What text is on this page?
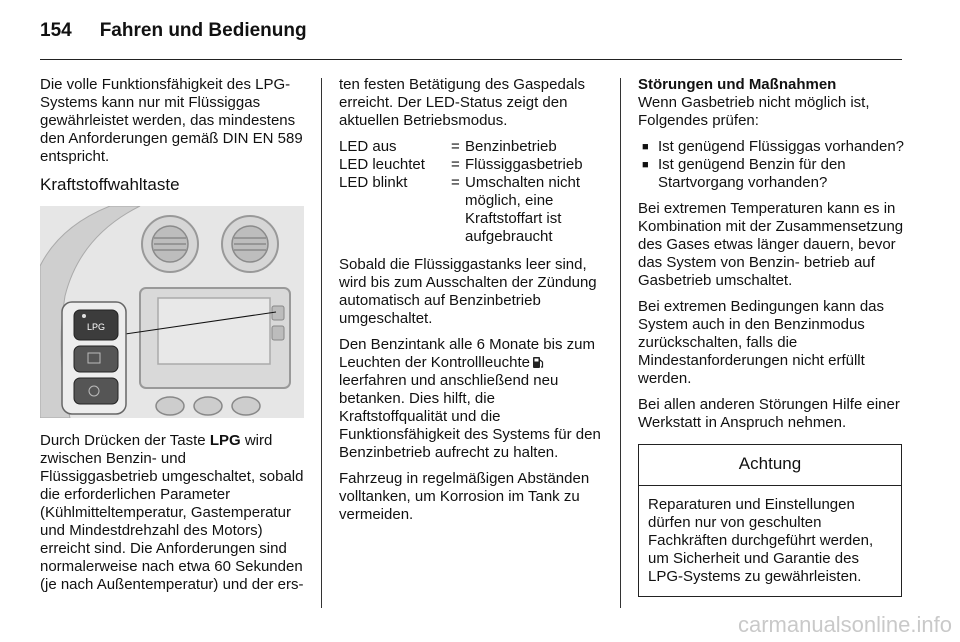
154 Fahren und Bedienung

Die volle Funktionsfähigkeit des LPG-Systems kann nur mit Flüssiggas gewährleistet werden, das mindestens den Anforderungen gemäß DIN EN 589 entspricht.

Kraftstoffwahltaste
LPG

Durch Drücken der Taste LPG wird zwischen Benzin- und Flüssiggasbetrieb umgeschaltet, sobald die erforderlichen Parameter (Kühlmitteltemperatur, Gastemperatur und Mindestdrehzahl des Motors) erreicht sind. Die Anforderungen sind normalerweise nach etwa 60 Sekunden (je nach Außentemperatur) und der ers-

ten festen Betätigung des Gaspedals erreicht. Der LED-Status zeigt den aktuellen Betriebsmodus.

LED aus	=	Benzinbetrieb
LED leuchtet	=	Flüssiggasbetrieb
LED blinkt	=	Umschalten nicht möglich, eine Kraftstoffart ist aufgebraucht

Sobald die Flüssiggastanks leer sind, wird bis zum Ausschalten der Zündung automatisch auf Benzinbetrieb umgeschaltet.

Den Benzintank alle 6 Monate bis zum Leuchten der Kontrollleuchte leerfahren und anschließend neu betanken. Dies hilft, die Kraftstoffqualität und die Funktionsfähigkeit des Systems für den Benzinbetrieb aufrecht zu halten.

Fahrzeug in regelmäßigen Abständen volltanken, um Korrosion im Tank zu vermeiden.

Störungen und Maßnahmen

Wenn Gasbetrieb nicht möglich ist, Folgendes prüfen:

■ Ist genügend Flüssiggas vorhanden?
■ Ist genügend Benzin für den Startvorgang vorhanden?

Bei extremen Temperaturen kann es in Kombination mit der Zusammensetzung des Gases etwas länger dauern, bevor das System von Benzin- betrieb auf Gasbetrieb umschaltet.

Bei extremen Bedingungen kann das System auch in den Benzinmodus zurückschalten, falls die Mindestanforderungen nicht erfüllt werden.

Bei allen anderen Störungen Hilfe einer Werkstatt in Anspruch nehmen.

Achtung
Reparaturen und Einstellungen dürfen nur von geschulten Fachkräften durchgeführt werden, um Sicherheit und Garantie des LPG-Systems zu gewährleisten.
carmanualsonline.info
